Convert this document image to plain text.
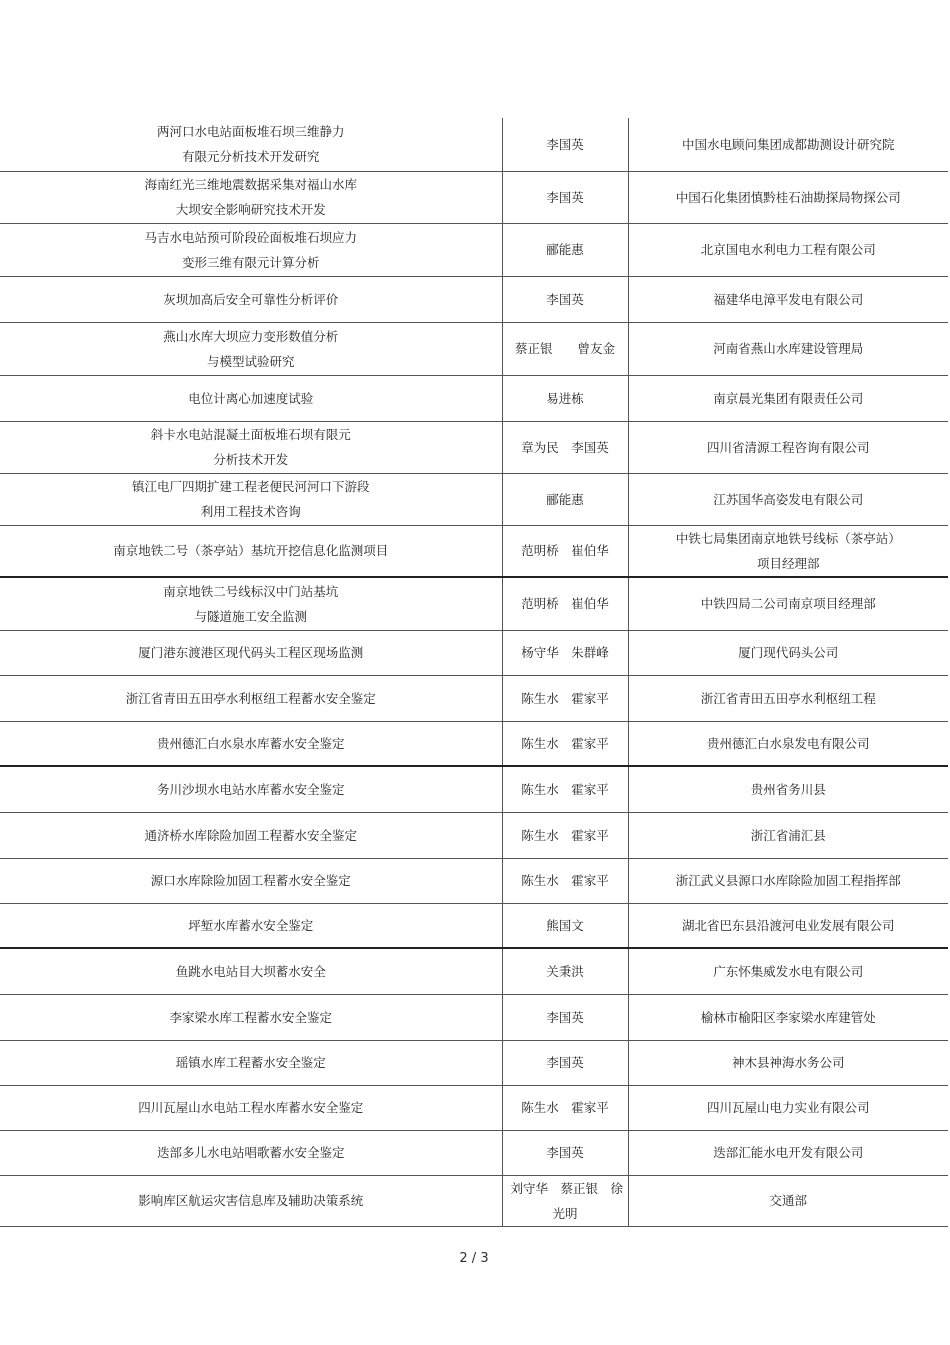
两河口水电站面板堆石坝三维静力
有限元分析技术开发研究	李国英	中国水电顾问集团成都勘测设计研究院

海南红光三维地震数据采集对福山水库
大坝安全影响研究技术开发	李国英	中国石化集团慎黔桂石油勘探局物探公司

马吉水电站预可阶段砼面板堆石坝应力
变形三维有限元计算分析	郦能惠	北京国电水利电力工程有限公司

灰坝加高后安全可靠性分析评价	李国英	福建华电漳平发电有限公司

燕山水库大坝应力变形数值分析
与模型试验研究	蔡正银　　曾友金	河南省燕山水库建设管理局

电位计离心加速度试验	易进栋	南京晨光集团有限责任公司

斜卡水电站混凝土面板堆石坝有限元
分析技术开发	章为民　李国英	四川省清源工程咨询有限公司

镇江电厂四期扩建工程老便民河河口下游段
利用工程技术咨询	郦能惠	江苏国华高姿发电有限公司

南京地铁二号（茶亭站）基坑开挖信息化监测项目	范明桥　崔伯华	中铁七局集团南京地铁号线标（茶亭站）
项目经理部

南京地铁二号线标汉中门站基坑
与隧道施工安全监测	范明桥　崔伯华	中铁四局二公司南京项目经理部

厦门港东渡港区现代码头工程区现场监测	杨守华　朱群峰	厦门现代码头公司

浙江省青田五田亭水利枢纽工程蓄水安全鉴定	陈生水　霍家平	浙江省青田五田亭水利枢纽工程

贵州德汇白水泉水库蓄水安全鉴定	陈生水　霍家平	贵州德汇白水泉发电有限公司

务川沙坝水电站水库蓄水安全鉴定	陈生水　霍家平	贵州省务川县

通济桥水库除险加固工程蓄水安全鉴定	陈生水　霍家平	浙江省浦汇县

源口水库除险加固工程蓄水安全鉴定	陈生水　霍家平	浙江武义县源口水库除险加固工程指挥部

坪堑水库蓄水安全鉴定	熊国文	湖北省巴东县沿渡河电业发展有限公司

鱼跳水电站目大坝蓄水安全	关秉洪	广东怀集威发水电有限公司

李家梁水库工程蓄水安全鉴定	李国英	榆林市榆阳区李家梁水库建管处

瑶镇水库工程蓄水安全鉴定	李国英	神木县神海水务公司

四川瓦屋山水电站工程水库蓄水安全鉴定	陈生水　霍家平	四川瓦屋山电力实业有限公司

迭部多儿水电站唱歌蓄水安全鉴定	李国英	迭部汇能水电开发有限公司

影响库区航运灾害信息库及辅助决策系统	刘守华　蔡正银　徐
光明	交通部
2 / 3
